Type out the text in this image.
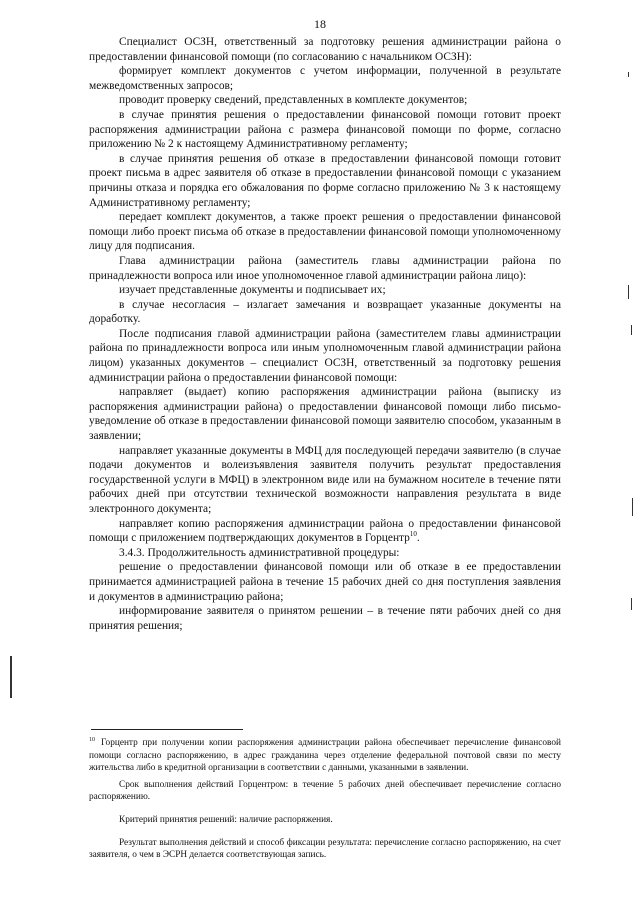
18

Специалист ОСЗН, ответственный за подготовку решения администрации района о предоставлении финансовой помощи (по согласованию с начальником ОСЗН):

формирует комплект документов с учетом информации, полученной в результате межведомственных запросов;

проводит проверку сведений, представленных в комплекте документов;

в случае принятия решения о предоставлении финансовой помощи готовит проект распоряжения администрации района с размера финансовой помощи по форме, согласно приложению № 2 к настоящему Административному регламенту;

в случае принятия решения об отказе в предоставлении финансовой помощи готовит проект письма в адрес заявителя об отказе в предоставлении финансовой помощи с указанием причины отказа и порядка его обжалования по форме согласно приложению № 3 к настоящему Административному регламенту;

передает комплект документов, а также проект решения о предоставлении финансовой помощи либо проект письма об отказе в предоставлении финансовой помощи уполномоченному лицу для подписания.

Глава администрации района (заместитель главы администрации района по принадлежности вопроса или иное уполномоченное главой администрации района лицо):

изучает представленные документы и подписывает их;

в случае несогласия – излагает замечания и возвращает указанные документы на доработку.

После подписания главой администрации района (заместителем главы администрации района по принадлежности вопроса или иным уполномоченным главой администрации района лицом) указанных документов – специалист ОСЗН, ответственный за подготовку решения администрации района о предоставлении финансовой помощи:

направляет (выдает) копию распоряжения администрации района (выписку из распоряжения администрации района) о предоставлении финансовой помощи либо письмо-уведомление об отказе в предоставлении финансовой помощи заявителю способом, указанным в заявлении;

направляет указанные документы в МФЦ для последующей передачи заявителю (в случае подачи документов и волеизъявления заявителя получить результат предоставления государственной услуги в МФЦ) в электронном виде или на бумажном носителе в течение пяти рабочих дней при отсутствии технической возможности направления результата в виде электронного документа;

направляет копию распоряжения администрации района о предоставлении финансовой помощи с приложением подтверждающих документов в Горцентр$^{10}$.

3.4.3. Продолжительность административной процедуры:

решение о предоставлении финансовой помощи или об отказе в ее предоставлении принимается администрацией района в течение 15 рабочих дней со дня поступления заявления и документов в администрацию района;

информирование заявителя о принятом решении – в течение пяти рабочих дней со дня принятия решения;

$^{10}$ Горцентр при получении копии распоряжения администрации района обеспечивает перечисление финансовой помощи согласно распоряжению, в адрес гражданина через отделение федеральной почтовой связи по месту жительства либо в кредитной организации в соответствии с данными, указанными в заявлении.

Срок выполнения действий Горцентром: в течение 5 рабочих дней обеспечивает перечисление согласно распоряжению.

Критерий принятия решений: наличие распоряжения.

Результат выполнения действий и способ фиксации результата: перечисление согласно распоряжению, на счет заявителя, о чем в ЭСРН делается соответствующая запись.
